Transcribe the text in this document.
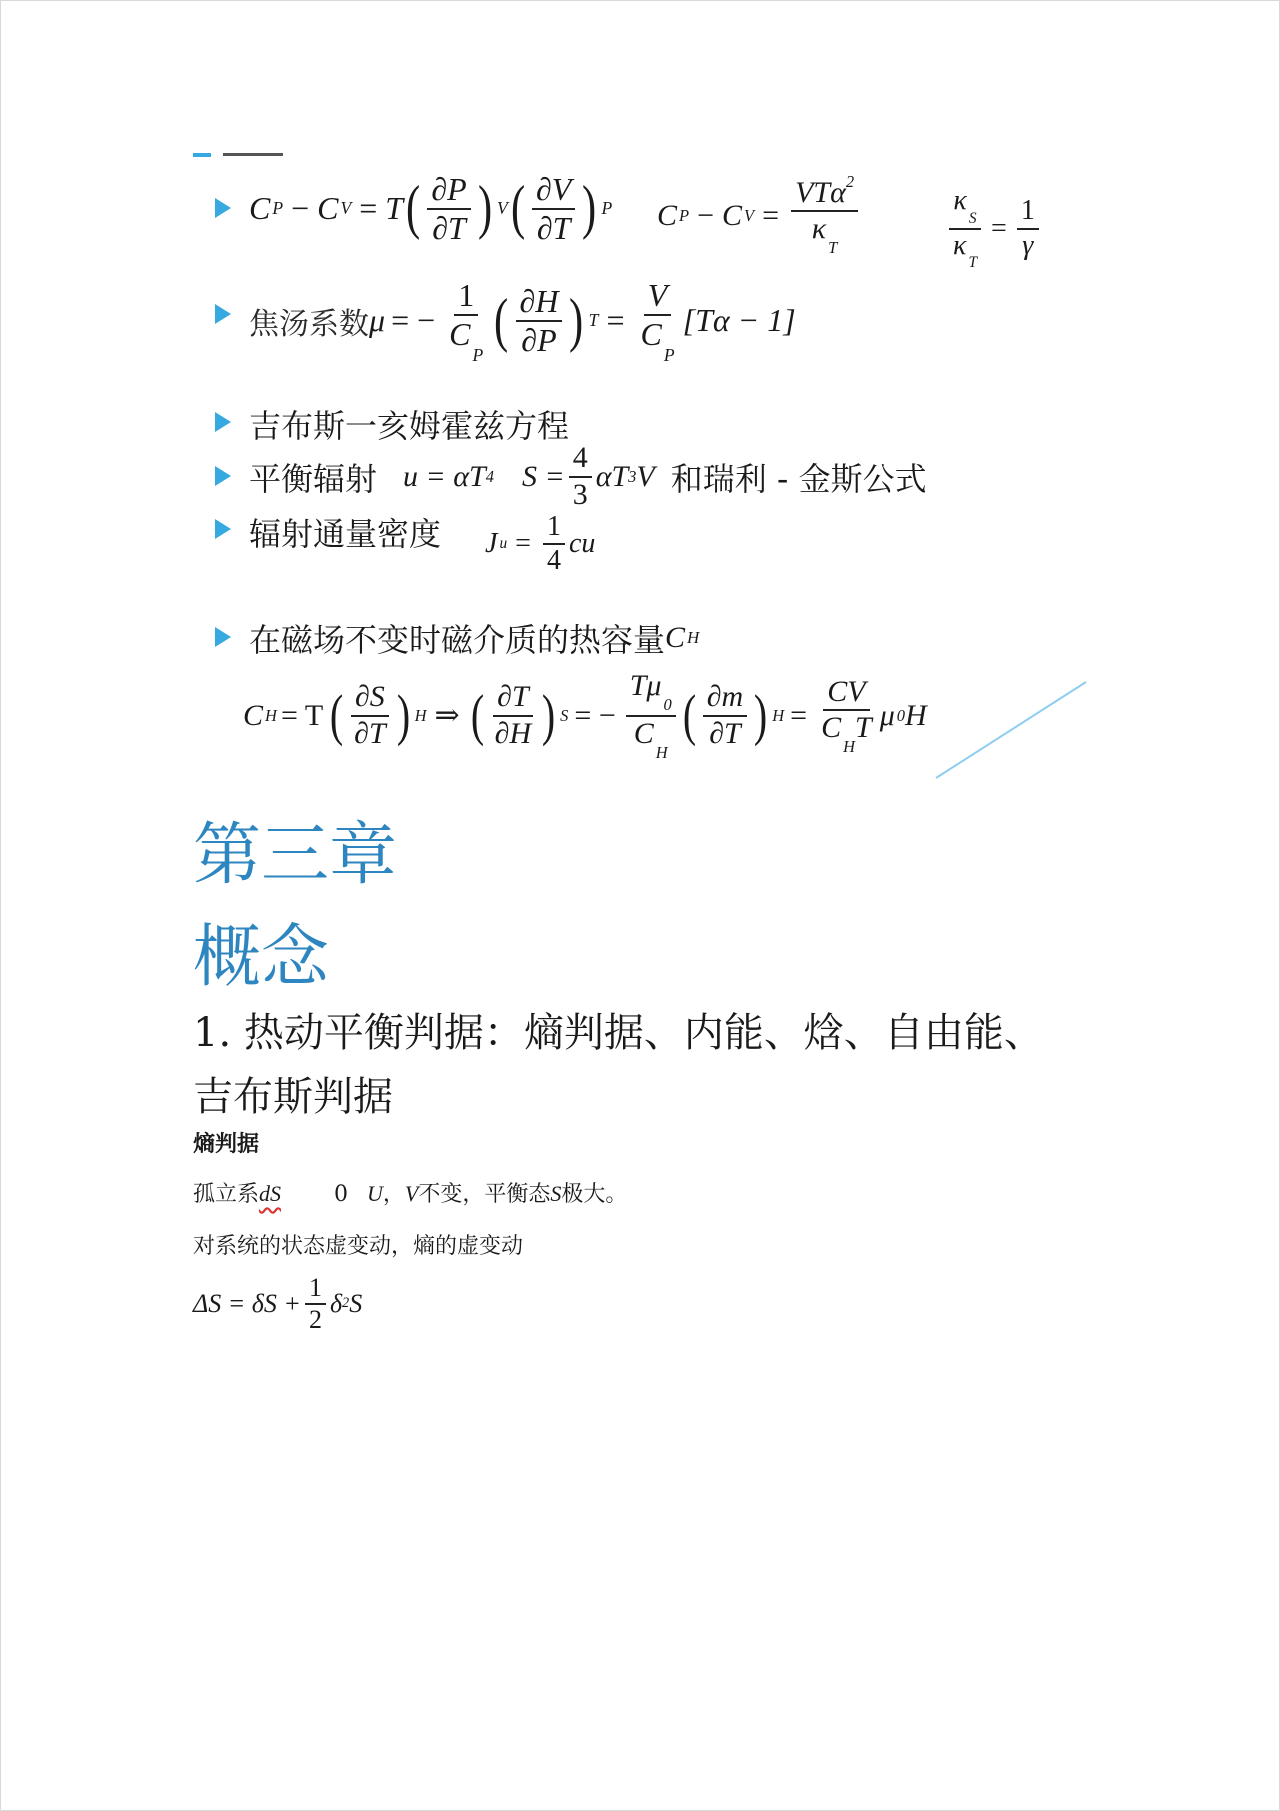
C P − C V = T ( $\frac{\partial P}{\partial T}$ ) V ( $\frac{\partial V}{\partial T}$ ) P C P − C $V = \frac{VT\alpha^2}{\kappa_T}$	$\frac{\kappa_S}{\kappa_T} = \frac{1}{\gamma}$
焦汤系数 μ = − $\frac{1}{C_P}$ ( $\frac{\partial H}{\partial P}$ ) $T = \frac{V}{C_P} [T\alpha - 1]$
吉布斯一亥姆霍兹方程
平衡辐射 u = αT 4 $S = \frac{4}{3}$ αT 3 V 和瑞利 - 金斯公式
辐射通量密度 J $u = \frac{1}{4}$ cu
在磁场不变时磁介质的热容量 C H
C H = T ( $\frac{\partial S}{\partial T}$ ) H ⇒ ( $\frac{\partial T}{\partial H}$ ) S = − $\frac{T\mu_0}{C_H}$ ( $\frac{\partial m}{\partial T}$ ) $H = \frac{CV}{C_HT}$ μ 0 H
第三章
概念
1. 热动平衡判据：熵判据、内能、焓、自由能、
吉布斯判据
熵判据
孤立系dS 0 U，V不变，平衡态S极大。
对系统的状态虚变动，熵的虚变动
$\Delta S = \delta S + \frac{1}{2}$ δ 2 S
